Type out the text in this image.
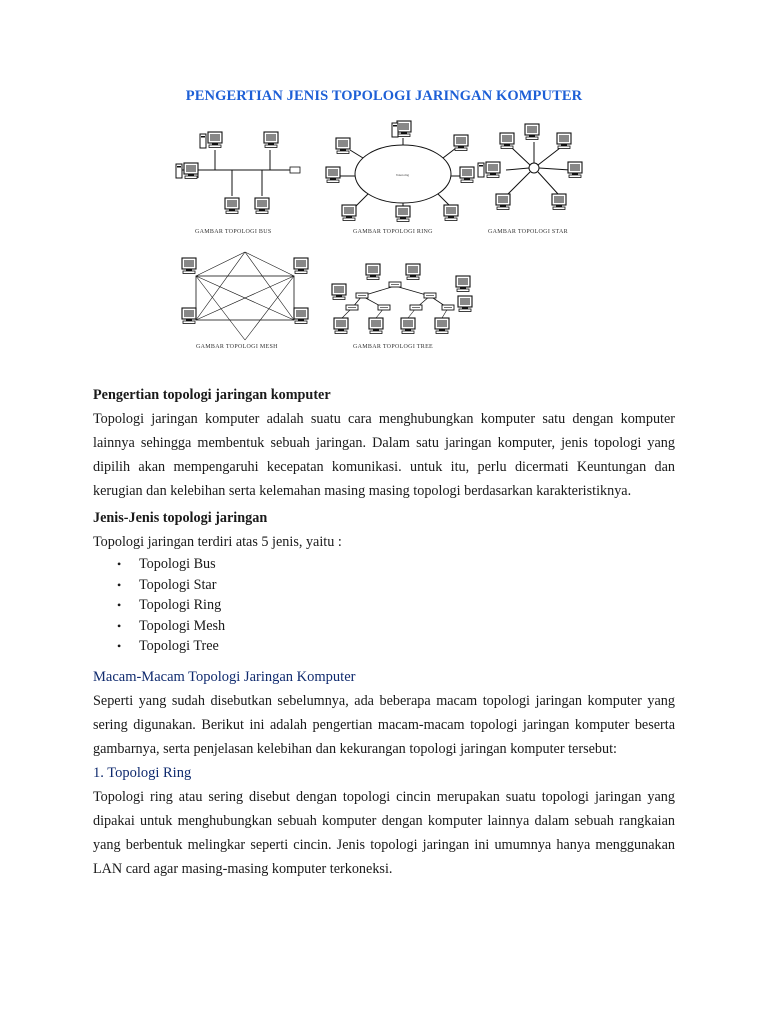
PENGERTIAN JENIS TOPOLOGI JARINGAN KOMPUTER
GAMBAR TOPOLOGI BUS
Token ring
GAMBAR TOPOLOGI RING	GAMBAR TOPOLOGI STAR
GAMBAR TOPOLOGI MESH	GAMBAR TOPOLOGI TREE

Pengertian topologi jaringan komputer

Topologi jaringan komputer adalah suatu cara menghubungkan komputer satu dengan komputer lainnya sehingga membentuk sebuah jaringan. Dalam satu jaringan komputer, jenis topologi yang dipilih akan mempengaruhi kecepatan komunikasi. untuk itu, perlu dicermati Keuntungan dan kerugian dan kelebihan serta kelemahan masing masing topologi berdasarkan karakteristiknya.

Jenis-Jenis topologi jaringan

Topologi jaringan terdiri atas 5 jenis, yaitu :

• Topologi Bus
• Topologi Star
• Topologi Ring
• Topologi Mesh
• Topologi Tree

Macam-Macam Topologi Jaringan Komputer

Seperti yang sudah disebutkan sebelumnya, ada beberapa macam topologi jaringan komputer yang sering digunakan. Berikut ini adalah pengertian macam-macam topologi jaringan komputer beserta gambarnya, serta penjelasan kelebihan dan kekurangan topologi jaringan komputer tersebut:

1. Topologi Ring

Topologi ring atau sering disebut dengan topologi cincin merupakan suatu topologi jaringan yang dipakai untuk menghubungkan sebuah komputer dengan komputer lainnya dalam sebuah rangkaian yang berbentuk melingkar seperti cincin. Jenis topologi jaringan ini umumnya hanya menggunakan LAN card agar masing-masing komputer terkoneksi.
